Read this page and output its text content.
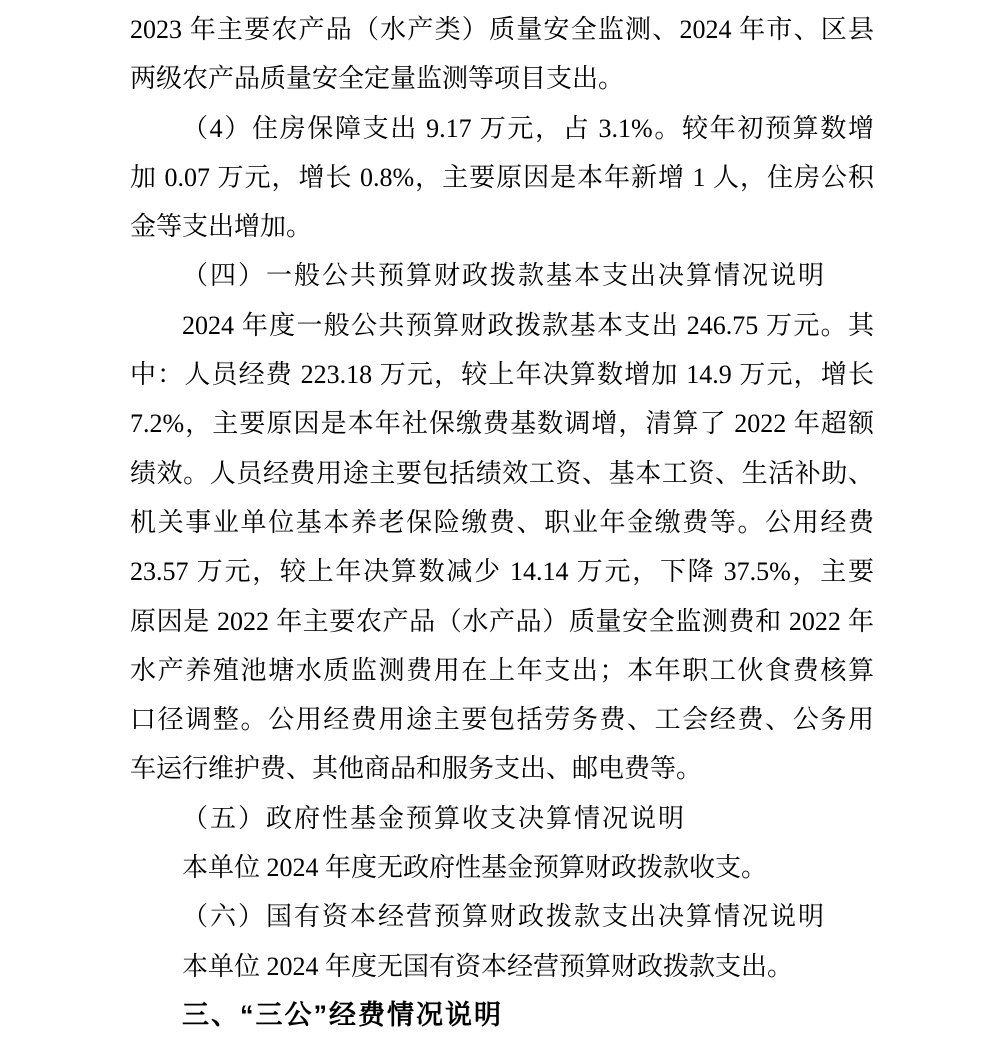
2023 年主要农产品（水产类）质量安全监测、2024 年市、区县
两级农产品质量安全定量监测等项目支出。
（4）住房保障支出 9.17 万元，占 3.1%。较年初预算数增
加 0.07 万元，增长 0.8%，主要原因是本年新增 1 人，住房公积
金等支出增加。
（四）一般公共预算财政拨款基本支出决算情况说明
2024 年度一般公共预算财政拨款基本支出 246.75 万元。其
中：人员经费 223.18 万元，较上年决算数增加 14.9 万元，增长
7.2%，主要原因是本年社保缴费基数调增，清算了 2022 年超额
绩效。人员经费用途主要包括绩效工资、基本工资、生活补助、
机关事业单位基本养老保险缴费、职业年金缴费等。公用经费
23.57 万元，较上年决算数减少 14.14 万元，下降 37.5%，主要
原因是 2022 年主要农产品（水产品）质量安全监测费和 2022 年
水产养殖池塘水质监测费用在上年支出；本年职工伙食费核算
口径调整。公用经费用途主要包括劳务费、工会经费、公务用
车运行维护费、其他商品和服务支出、邮电费等。
（五）政府性基金预算收支决算情况说明
本单位 2024 年度无政府性基金预算财政拨款收支。
（六）国有资本经营预算财政拨款支出决算情况说明
本单位 2024 年度无国有资本经营预算财政拨款支出。
三、“三公”经费情况说明
